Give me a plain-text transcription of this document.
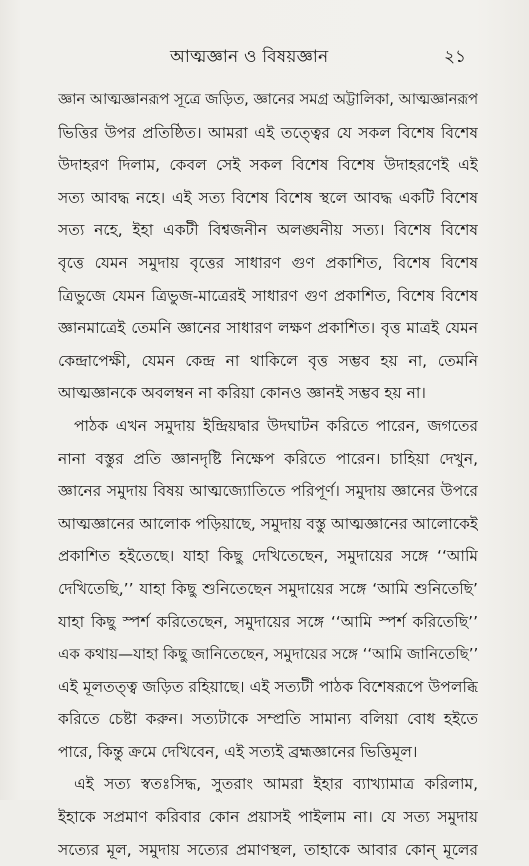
আত্মজ্ঞান ও বিষয়জ্ঞান	২১
জ্ঞান আত্মজ্ঞানরূপ সূত্রে জড়িত, জ্ঞানের সমগ্র অট্টালিকা, আত্মজ্ঞানরূপ
ভিত্তির উপর প্রতিষ্ঠিত। আমরা এই তত্ত্বের যে সকল বিশেষ বিশেষ
উদাহরণ দিলাম, কেবল সেই সকল বিশেষ বিশেষ উদাহরণেই এই
সত্য আবদ্ধ নহে। এই সত্য বিশেষ বিশেষ স্থলে আবদ্ধ একটি বিশেষ
সত্য নহে, ইহা একটী বিশ্বজনীন অলঙ্ঘনীয় সত্য। বিশেষ বিশেষ
বৃত্তে যেমন সমুদায় বৃত্তের সাধারণ গুণ প্রকাশিত, বিশেষ বিশেষ
ত্রিভুজে যেমন ত্রিভুজ-মাত্রেরই সাধারণ গুণ প্রকাশিত, বিশেষ বিশেষ
জ্ঞানমাত্রেই তেমনি জ্ঞানের সাধারণ লক্ষণ প্রকাশিত। বৃত্ত মাত্রই যেমন
কেন্দ্রাপেক্ষী, যেমন কেন্দ্র না থাকিলে বৃত্ত সম্ভব হয় না, তেমনি
আত্মজ্ঞানকে অবলম্বন না করিয়া কোনও জ্ঞানই সম্ভব হয় না।
পাঠক এখন সমুদায় ইন্দ্রিয়দ্বার উদঘাটন করিতে পারেন, জগতের
নানা বস্তুর প্রতি জ্ঞানদৃষ্টি নিক্ষেপ করিতে পারেন। চাহিয়া দেখুন,
জ্ঞানের সমুদায় বিষয় আত্মজ্যোতিতে পরিপূর্ণ। সমুদায় জ্ঞানের উপরে
আত্মজ্ঞানের আলোক পড়িয়াছে, সমুদায় বস্তু আত্মজ্ঞানের আলোকেই
প্রকাশিত হইতেছে। যাহা কিছু দেখিতেছেন, সমুদায়ের সঙ্গে ‘‘আমি
দেখিতেছি,’’ যাহা কিছু শুনিতেছেন সমুদায়ের সঙ্গে ‘আমি শুনিতেছি’
যাহা কিছু স্পর্শ করিতেছেন, সমুদায়ের সঙ্গে ‘‘আমি স্পর্শ করিতেছি’’
এক কথায়—যাহা কিছু জানিতেছেন, সমুদায়ের সঙ্গে ‘‘আমি জানিতেছি’’
এই মূলতত্ত্ব জড়িত রহিয়াছে। এই সত্যটী পাঠক বিশেষরূপে উপলব্ধি
করিতে চেষ্টা করুন। সত্যটাকে সম্প্রতি সামান্য বলিয়া বোধ হইতে
পারে, কিন্তু ক্রমে দেখিবেন, এই সত্যই ব্রহ্মজ্ঞানের ভিত্তিমূল।
এই সত্য স্বতঃসিদ্ধ, সুতরাং আমরা ইহার ব্যাখ্যামাত্র করিলাম,
ইহাকে সপ্রমাণ করিবার কোন প্রয়াসই পাইলাম না। যে সত্য সমুদায়
সত্যের মূল, সমুদায় সত্যের প্রমাণস্থল, তাহাকে আবার কোন্ মূলের
